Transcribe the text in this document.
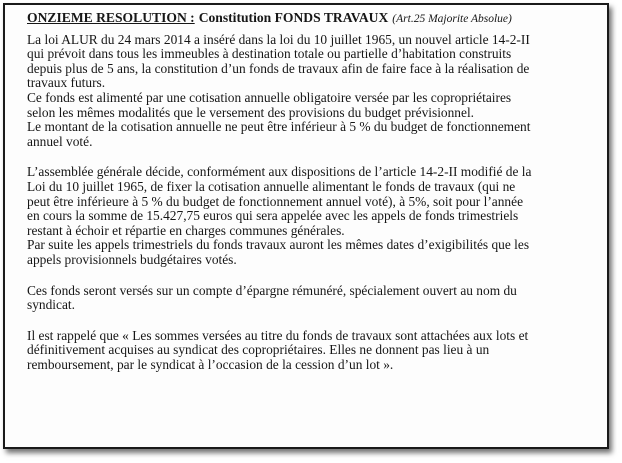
ONZIEME RESOLUTION : Constitution FONDS TRAVAUX (Art.25 Majorite Absolue)

La loi ALUR du 24 mars 2014 a inséré dans la loi du 10 juillet 1965, un nouvel article 14-2-II
qui prévoit dans tous les immeubles à destination totale ou partielle d’habitation construits
depuis plus de 5 ans, la constitution d’un fonds de travaux afin de faire face à la réalisation de
travaux futurs.

Ce fonds est alimenté par une cotisation annuelle obligatoire versée par les copropriétaires
selon les mêmes modalités que le versement des provisions du budget prévisionnel.

Le montant de la cotisation annuelle ne peut être inférieur à 5 % du budget de fonctionnement
annuel voté.

L’assemblée générale décide, conformément aux dispositions de l’article 14-2-II modifié de la
Loi du 10 juillet 1965, de fixer la cotisation annuelle alimentant le fonds de travaux (qui ne
peut être inférieure à 5 % du budget de fonctionnement annuel voté), à 5%, soit pour l’année
en cours la somme de 15.427,75 euros qui sera appelée avec les appels de fonds trimestriels
restant à échoir et répartie en charges communes générales.

Par suite les appels trimestriels du fonds travaux auront les mêmes dates d’exigibilités que les
appels provisionnels budgétaires votés.

Ces fonds seront versés sur un compte d’épargne rémunéré, spécialement ouvert au nom du
syndicat.

Il est rappelé que « Les sommes versées au titre du fonds de travaux sont attachées aux lots et
définitivement acquises au syndicat des copropriétaires. Elles ne donnent pas lieu à un
remboursement, par le syndicat à l’occasion de la cession d’un lot ».
